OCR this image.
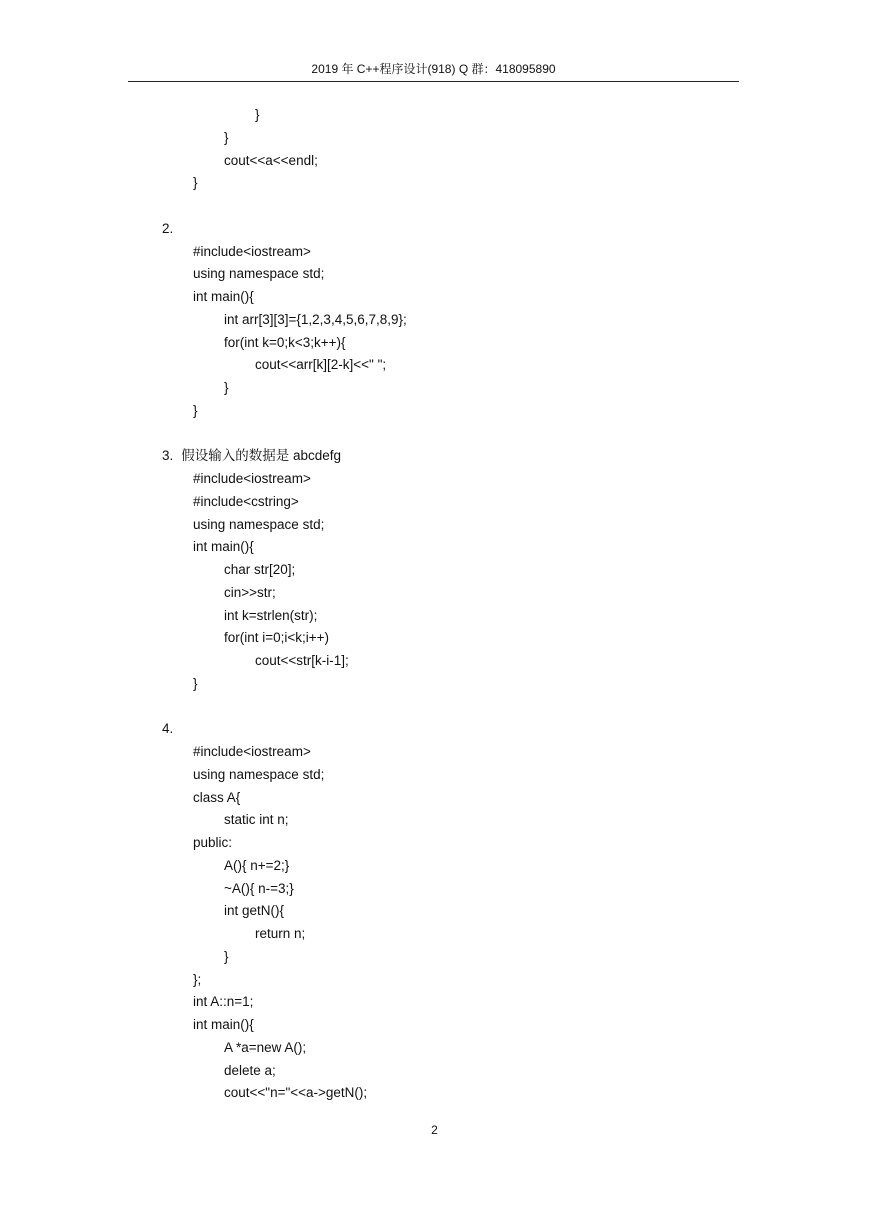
2019 年 C++程序设计(918) Q 群：418095890
}
}
cout<<a<<endl;
}
2.
#include<iostream>
using namespace std;
int main(){
int arr[3][3]={1,2,3,4,5,6,7,8,9};
for(int k=0;k<3;k++){
cout<<arr[k][2-k]<<" ";
}
}
3. 假设输入的数据是 abcdefg
#include<iostream>
#include<cstring>
using namespace std;
int main(){
char str[20];
cin>>str;
int k=strlen(str);
for(int i=0;i<k;i++)
cout<<str[k-i-1];
}
4.
#include<iostream>
using namespace std;
class A{
static int n;
public:
A(){ n+=2;}
~A(){ n-=3;}
int getN(){
return n;
}
};
int A::n=1;
int main(){
A *a=new A();
delete a;
cout<<"n="<<a->getN();
2
